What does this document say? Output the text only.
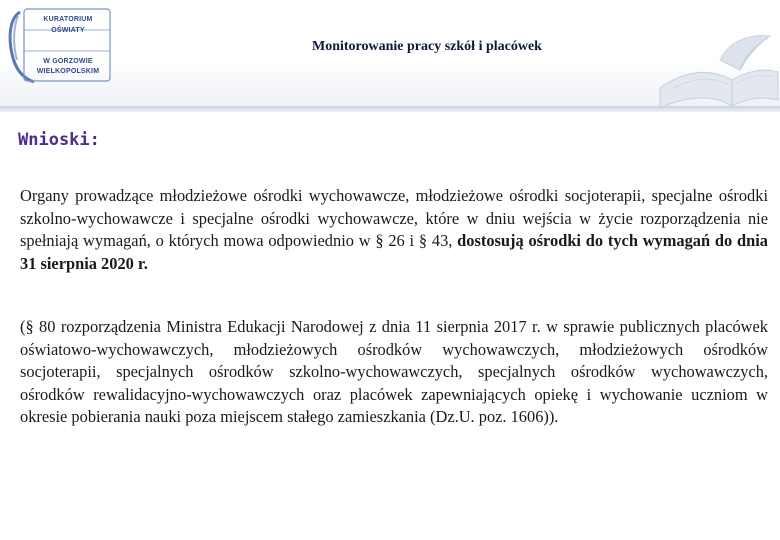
KURATORIUM
OŚWIATY
W GORZOWIE
WIELKOPOLSKIM
Monitorowanie pracy szkół i placówek
Wnioski:
Organy prowadzące młodzieżowe ośrodki wychowawcze, młodzieżowe ośrodki socjoterapii, specjalne ośrodki szkolno-wychowawcze i specjalne ośrodki wychowawcze, które w dniu wejścia w życie rozporządzenia nie spełniają wymagań, o których mowa odpowiednio w § 26 i § 43, dostosują ośrodki do tych wymagań do dnia 31 sierpnia 2020 r.
(§ 80 rozporządzenia Ministra Edukacji Narodowej z dnia 11 sierpnia 2017 r. w sprawie publicznych placówek oświatowo-wychowawczych, młodzieżowych ośrodków wychowawczych, młodzieżowych ośrodków socjoterapii, specjalnych ośrodków szkolno-wychowawczych, specjalnych ośrodków wychowawczych, ośrodków rewalidacyjno-wychowawczych oraz placówek zapewniających opiekę i wychowanie uczniom w okresie pobierania nauki poza miejscem stałego zamieszkania (Dz.U. poz. 1606)).
